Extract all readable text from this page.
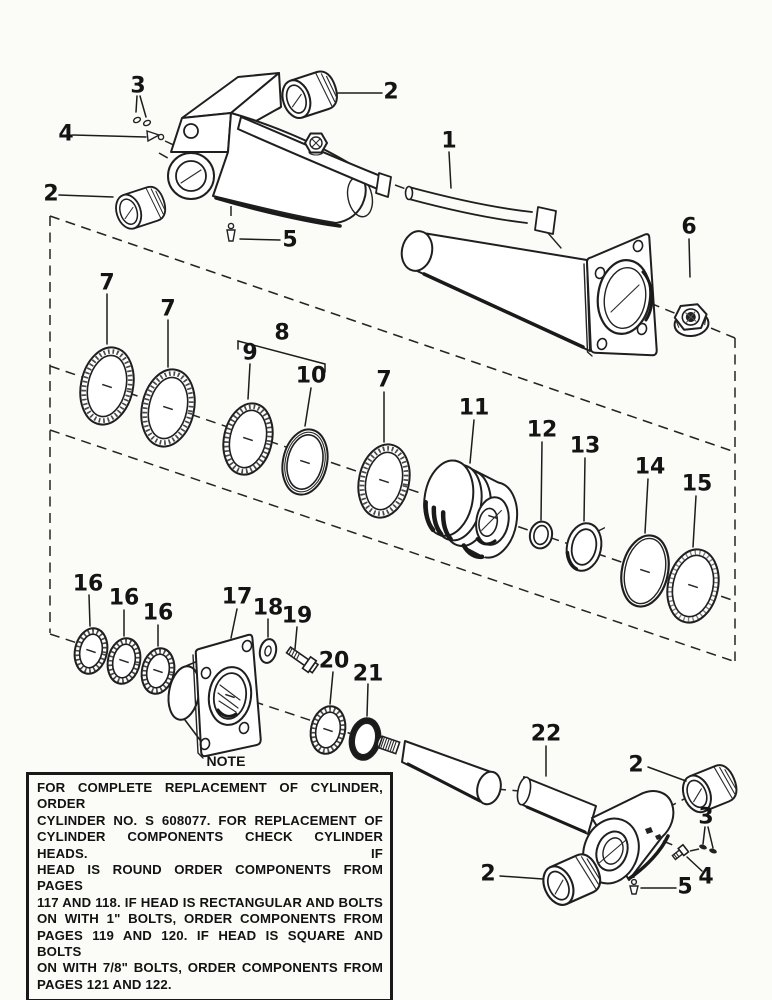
3
4
2
2
5
1
6
7
7
8
9
10 7
11
12
13
14
15
16
16
16
17 18
19
20
21
22
2
3
4
2
5
NOTE
FOR COMPLETE REPLACEMENT OF CYLINDER, ORDER
CYLINDER NO. S 608077. FOR REPLACEMENT OF
CYLINDER COMPONENTS CHECK CYLINDER HEADS. IF
HEAD IS ROUND ORDER COMPONENTS FROM PAGES
117 AND 118. IF HEAD IS RECTANGULAR AND BOLTS
ON WITH 1" BOLTS, ORDER COMPONENTS FROM
PAGES 119 AND 120. IF HEAD IS SQUARE AND BOLTS
ON WITH 7/8" BOLTS, ORDER COMPONENTS FROM
PAGES 121 AND 122.
